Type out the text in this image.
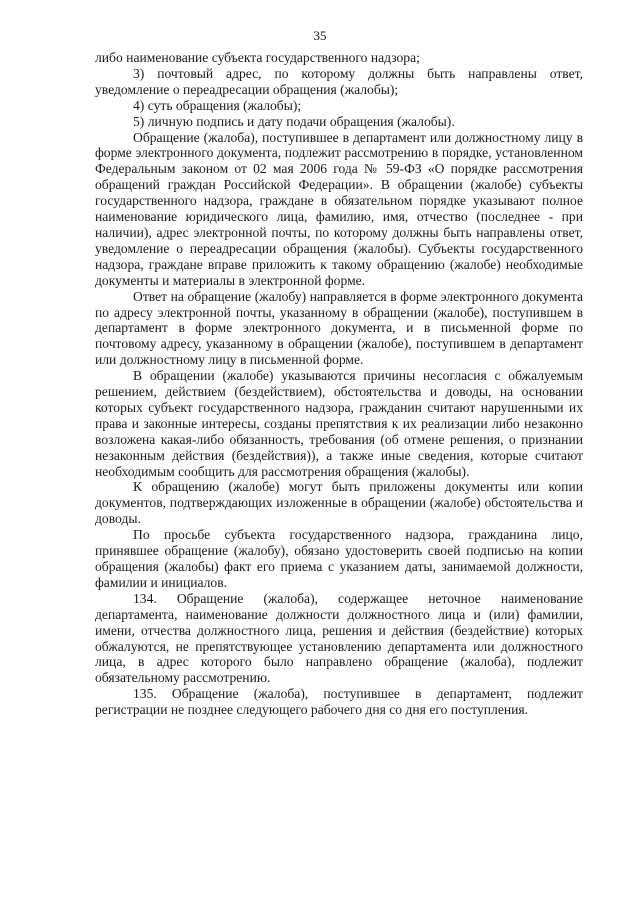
35

либо наименование субъекта государственного надзора;

3) почтовый адрес, по которому должны быть направлены ответ, уведомление о переадресации обращения (жалобы);

4) суть обращения (жалобы);

5) личную подпись и дату подачи обращения (жалобы).

Обращение (жалоба), поступившее в департамент или должностному лицу в форме электронного документа, подлежит рассмотрению в порядке, установленном Федеральным законом от 02 мая 2006 года № 59-ФЗ «О порядке рассмотрения обращений граждан Российской Федерации». В обращении (жалобе) субъекты государственного надзора, граждане в обязательном порядке указывают полное наименование юридического лица, фамилию, имя, отчество (последнее - при наличии), адрес электронной почты, по которому должны быть направлены ответ, уведомление о переадресации обращения (жалобы). Субъекты государственного надзора, граждане вправе приложить к такому обращению (жалобе) необходимые документы и материалы в электронной форме.

Ответ на обращение (жалобу) направляется в форме электронного документа по адресу электронной почты, указанному в обращении (жалобе), поступившем в департамент в форме электронного документа, и в письменной форме по почтовому адресу, указанному в обращении (жалобе), поступившем в департамент или должностному лицу в письменной форме.

В обращении (жалобе) указываются причины несогласия с обжалуемым решением, действием (бездействием), обстоятельства и доводы, на основании которых субъект государственного надзора, гражданин считают нарушенными их права и законные интересы, созданы препятствия к их реализации либо незаконно возложена какая-либо обязанность, требования (об отмене решения, о признании незаконным действия (бездействия)), а также иные сведения, которые считают необходимым сообщить для рассмотрения обращения (жалобы).

К обращению (жалобе) могут быть приложены документы или копии документов, подтверждающих изложенные в обращении (жалобе) обстоятельства и доводы.

По просьбе субъекта государственного надзора, гражданина лицо, принявшее обращение (жалобу), обязано удостоверить своей подписью на копии обращения (жалобы) факт его приема с указанием даты, занимаемой должности, фамилии и инициалов.

134. Обращение (жалоба), содержащее неточное наименование департамента, наименование должности должностного лица и (или) фамилии, имени, отчества должностного лица, решения и действия (бездействие) которых обжалуются, не препятствующее установлению департамента или должностного лица, в адрес которого было направлено обращение (жалоба), подлежит обязательному рассмотрению.

135. Обращение (жалоба), поступившее в департамент, подлежит регистрации не позднее следующего рабочего дня со дня его поступления.
